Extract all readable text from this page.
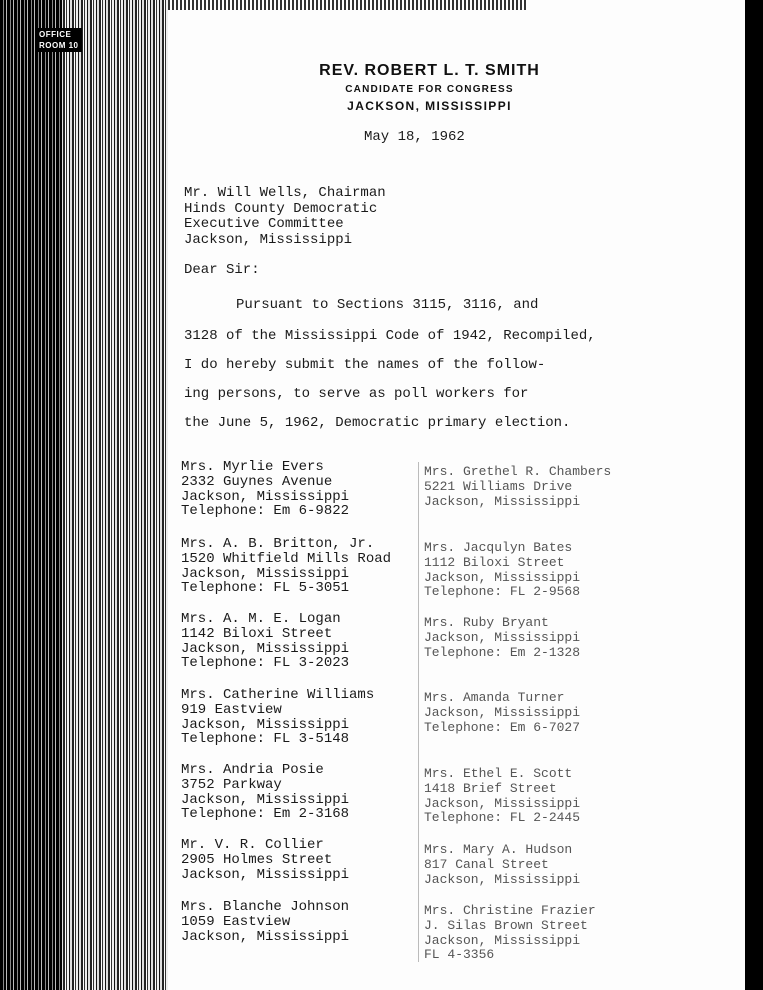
OFFICE
ROOM 10
REV. ROBERT L. T. SMITH
CANDIDATE FOR CONGRESS
JACKSON, MISSISSIPPI
May 18, 1962
Mr. Will Wells, Chairman
Hinds County Democratic
Executive Committee
Jackson, Mississippi
Dear Sir:
Pursuant to Sections 3115, 3116, and
3128 of the Mississippi Code of 1942, Recompiled,
I do hereby submit the names of the follow-
ing persons, to serve as poll workers for
the June 5, 1962, Democratic primary election.
Mrs. Myrlie Evers
2332 Guynes Avenue
Jackson, Mississippi
Telephone: Em 6-9822
Mrs. A. B. Britton, Jr.
1520 Whitfield Mills Road
Jackson, Mississippi
Telephone: FL 5-3051
Mrs. A. M. E. Logan
1142 Biloxi Street
Jackson, Mississippi
Telephone: FL 3-2023
Mrs. Catherine Williams
919 Eastview
Jackson, Mississippi
Telephone: FL 3-5148
Mrs. Andria Posie
3752 Parkway
Jackson, Mississippi
Telephone: Em 2-3168
Mr. V. R. Collier
2905 Holmes Street
Jackson, Mississippi
Mrs. Blanche Johnson
1059 Eastview
Jackson, Mississippi
Mrs. Grethel R. Chambers
5221 Williams Drive
Jackson, Mississippi
Mrs. Jacqulyn Bates
1112 Biloxi Street
Jackson, Mississippi
Telephone: FL 2-9568
Mrs. Ruby Bryant
Jackson, Mississippi
Telephone: Em 2-1328
Mrs. Amanda Turner
Jackson, Mississippi
Telephone: Em 6-7027
Mrs. Ethel E. Scott
1418 Brief Street
Jackson, Mississippi
Telephone: FL 2-2445
Mrs. Mary A. Hudson
817 Canal Street
Jackson, Mississippi
Mrs. Christine Frazier
J. Silas Brown Street
Jackson, Mississippi
FL 4-3356
